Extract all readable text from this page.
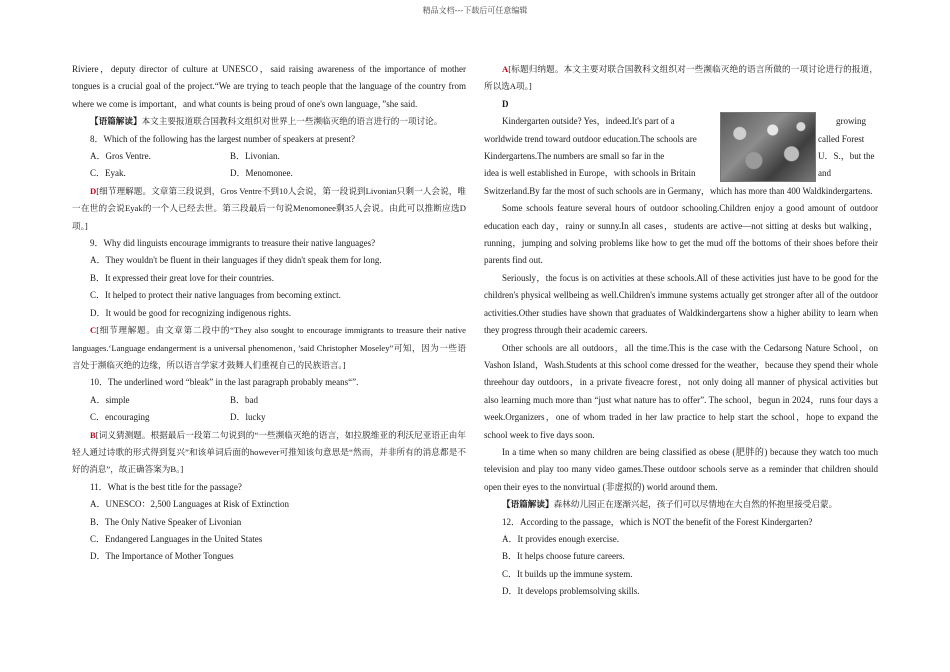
精品文档---下载后可任意编辑

Riviere，deputy director of culture at UNESCO，said raising awareness of the importance of mother tongues is a crucial goal of the project.“We are trying to teach people that the language of the country from where we come is important，and what counts is being proud of one's own language，”she said.

【语篇解读】本文主要报道联合国教科文组织对世界上一些濒临灭绝的语言进行的一项讨论。

8．Which of the following has the largest number of speakers at present?

A．Gros Ventre.	B．Livonian.
C．Eyak.	D．Menomonee.

D[细节理解题。文章第三段说到，Gros Ventre不到10人会说，第一段说到Livonian只剩一人会说，唯一在世的会说Eyak的一个人已经去世。第三段最后一句说Menomonee剩35人会说。由此可以推断应选D项。]

9．Why did linguists encourage immigrants to treasure their native languages?

A．They wouldn't be fluent in their languages if they didn't speak them for long.

B．It expressed their great love for their countries.

C．It helped to protect their native languages from becoming extinct.

D．It would be good for recognizing indigenous rights.

C[细节理解题。由文章第二段中的“They also sought to encourage immigrants to treasure their native languages.‘Language endangerment is a universal phenomenon，’said Christopher Moseley”可知，因为一些语言处于濒临灭绝的边缘，所以语言学家才鼓舞人们重视自己的民族语言。]

10．The underlined word “bleak” in the last paragraph probably means“”.

A．simple	B．bad
C．encouraging	D．lucky

B[词义猜测题。根据最后一段第二句说到的“一些濒临灭绝的语言，如拉脱维亚的利沃尼亚语正由年轻人通过诗歌的形式得到复兴”和该单词后面的however可推知该句意思是“然而，并非所有的消息都是不好的消息”，故正确答案为B。]

11．What is the best title for the passage?

A．UNESCO：2,500 Languages at Risk of Extinction

B．The Only Native Speaker of Livonian

C．Endangered Languages in the United States

D．The Importance of Mother Tongues

A[标题归纳题。本文主要对联合国教科文组织对一些濒临灭绝的语言所做的一项讨论进行的报道，所以选A项。]

D

Kindergarten outside? Yes，indeed.It's part of a	growing
worldwide trend toward outdoor education.The schools are	called Forest
Kindergartens.The numbers are small so far in the	U．S.，but the
idea is well established in Europe，with schools in Britain	and

Switzerland.By far the most of such schools are in Germany，which has more than 400 Waldkindergartens.

Some schools feature several hours of outdoor schooling.Children enjoy a good amount of outdoor education each day，rainy or sunny.In all cases，students are active—not sitting at desks but walking，running，jumping and solving problems like how to get the mud off the bottoms of their shoes before their parents find out.

Seriously，the focus is on activities at these schools.All of these activities just have to be good for the children's physical wellbeing as well.Children's immune systems actually get stronger after all of the outdoor activities.Other studies have shown that graduates of Waldkindergartens show a higher ability to learn when they progress through their academic careers.

Other schools are all outdoors，all the time.This is the case with the Cedarsong Nature School，on Vashon Island，Wash.Students at this school come dressed for the weather，because they spend their whole threehour day outdoors，in a private fiveacre forest，not only doing all manner of physical activities but also learning much more than “just what nature has to offer”. The school，begun in 2024，runs four days a week.Organizers，one of whom traded in her law practice to help start the school，hope to expand the school week to five days soon.

In a time when so many children are being classified as obese (肥胖的) because they watch too much television and play too many video games.These outdoor schools serve as a reminder that children should open their eyes to the nonvirtual (非虚拟的) world around them.

【语篇解读】森林幼儿园正在逐渐兴起，孩子们可以尽情地在大自然的怀抱里接受启蒙。

12．According to the passage，which is NOT the benefit of the Forest Kindergarten?

A．It provides enough exercise.

B．It helps choose future careers.

C．It builds up the immune system.

D．It develops problemsolving skills.
